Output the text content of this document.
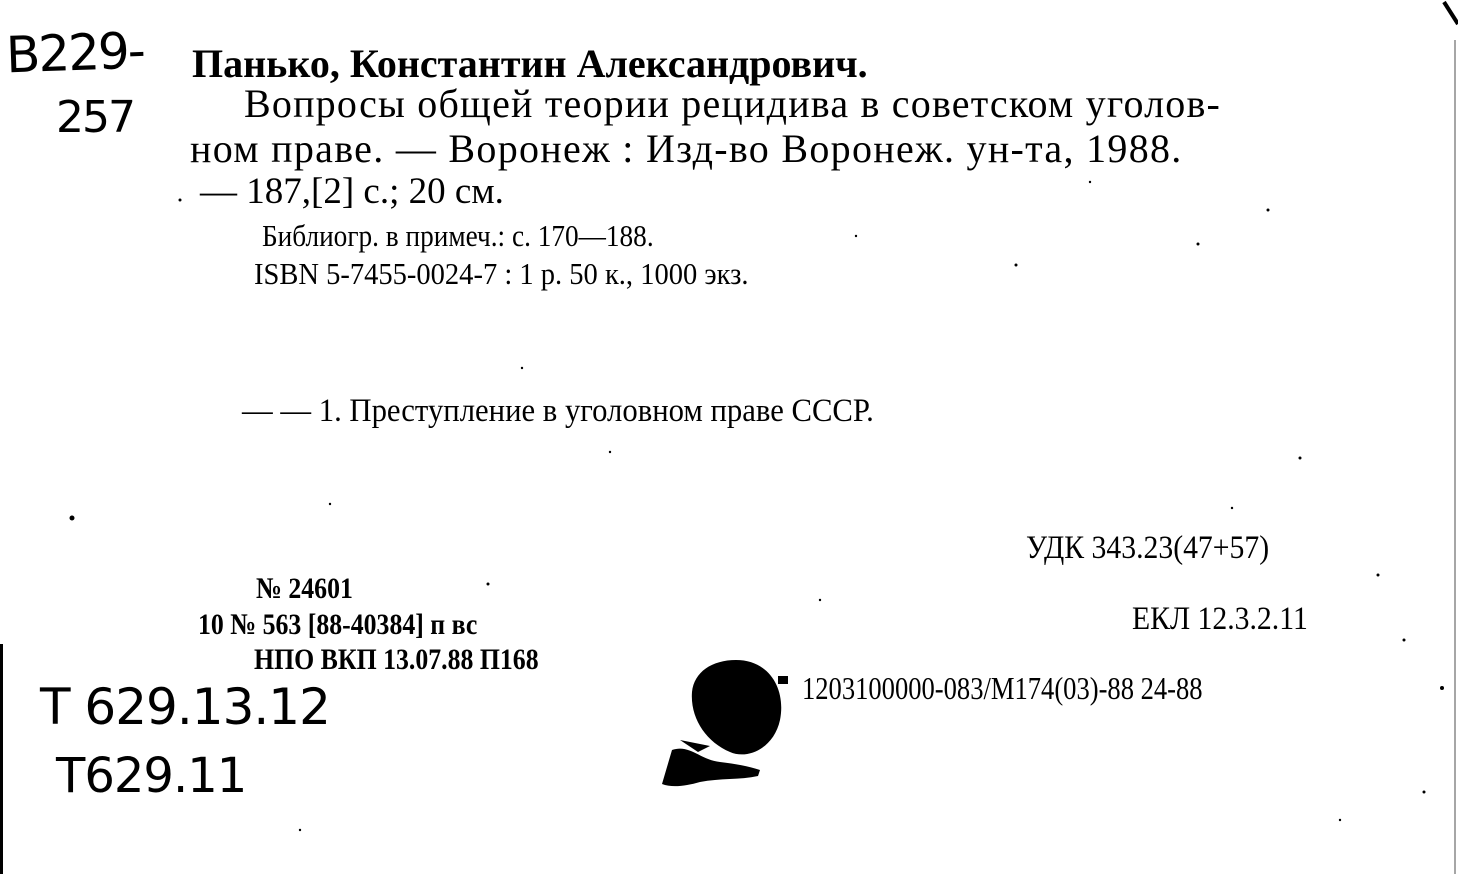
В229-
257
Панько, Константин Александрович.
Вопросы общей теории рецидива в советском уголов-
ном праве. — Воронеж : Изд-во Воронеж. ун-та, 1988.
— 187,[2] с.; 20 см.
Библиогр. в примеч.: с. 170—188.
ISBN 5-7455-0024-7 : 1 р. 50 к., 1000 экз.
— — 1. Преступление в уголовном праве СССР.
УДК 343.23(47+57)
ЕКЛ 12.3.2.11
1203100000-083/М174(03)-88 24-88
№ 24601
10 № 563 [88-40384] п вс
НПО ВКП 13.07.88 П168
Т 629.13.12
Т629.11
